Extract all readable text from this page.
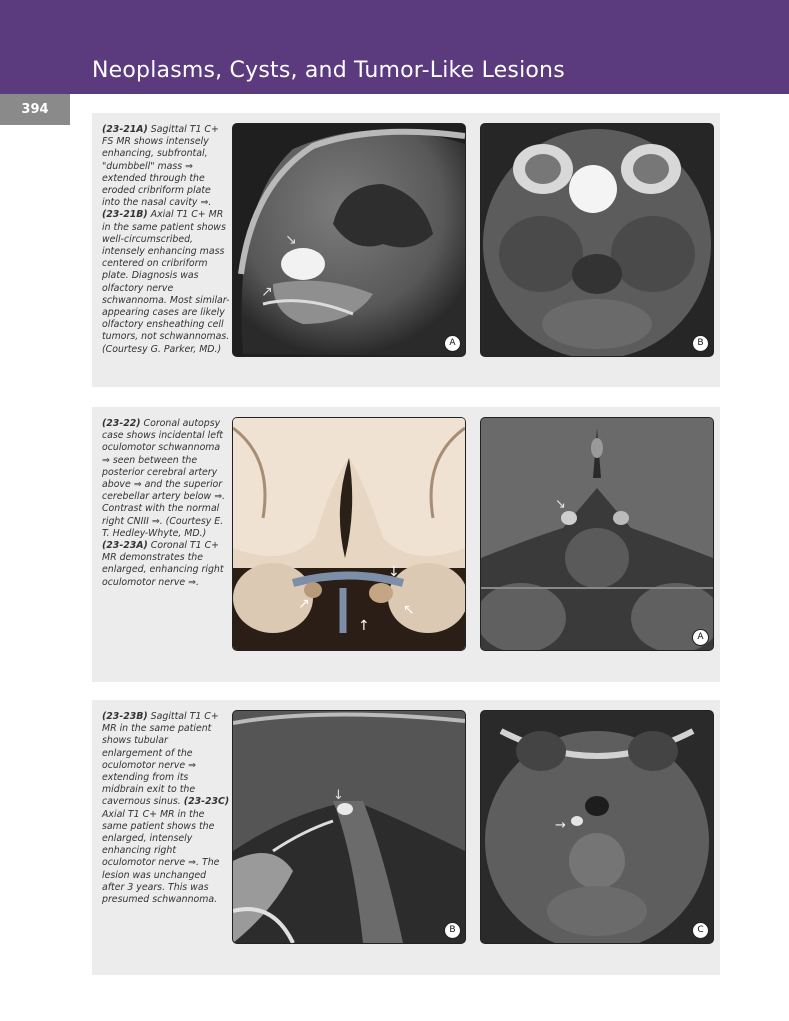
Neoplasms, Cysts, and Tumor-Like Lesions
394
(23-21A) Sagittal T1 C+ FS MR shows intensely enhancing, subfrontal, "dumbbell" mass ⇒ extended through the eroded cribriform plate into the nasal cavity ⇒. (23-21B) Axial T1 C+ MR in the same patient shows well-circumscribed, intensely enhancing mass centered on cribriform plate. Diagnosis was olfactory nerve schwannoma. Most similar-appearing cases are likely olfactory ensheathing cell tumors, not schwannomas. (Courtesy G. Parker, MD.)
↘
↗
A	B
(23-22) Coronal autopsy case shows incidental left oculomotor schwannoma ⇒ seen between the posterior cerebral artery above ⇒ and the superior cerebellar artery below ⇒. Contrast with the normal right CNIII ⇒. (Courtesy E. T. Hedley-Whyte, MD.) (23-23A) Coronal T1 C+ MR demonstrates the enlarged, enhancing right oculomotor nerve ⇒.
↗
↓
↖
↑
↘
A
(23-23B) Sagittal T1 C+ MR in the same patient shows tubular enlargement of the oculomotor nerve ⇒ extending from its midbrain exit to the cavernous sinus. (23-23C) Axial T1 C+ MR in the same patient shows the enlarged, intensely enhancing right oculomotor nerve ⇒. The lesion was unchanged after 3 years. This was presumed schwannoma.
↓
B
→
C
